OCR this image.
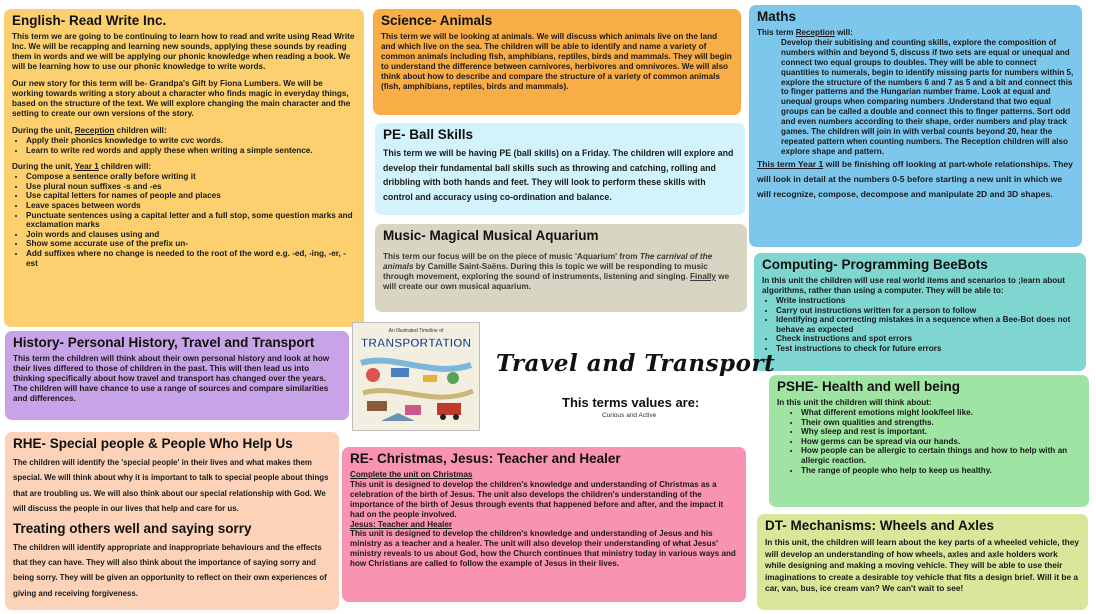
English- Read Write Inc.

This term we are going to be continuing to learn how to read and write using Read Write Inc. We will be recapping and learning new sounds, applying these sounds by reading them in words and we will be applying our phonic knowledge when reading a book. We will be learning how to use our phonic knowledge to write words.

Our new story for this term will be- Grandpa's Gift by Fiona Lumbers. We will be working towards writing a story about a character who finds magic in everyday things, based on the structure of the text. We will explore changing the main character and the setting to create our own versions of the story.

During the unit, Reception children will:

• Apply their phonics knowledge to write cvc words.
• Learn to write red words and apply these when writing a simple sentence.

During the unit, Year 1 children will:

• Compose a sentence orally before writing it
• Use plural noun suffixes -s and -es
• Use capital letters for names of people and places
• Leave spaces between words
• Punctuate sentences using a capital letter and a full stop, some question marks and exclamation marks
• Join words and clauses using and
• Show some accurate use of the prefix un-
• Add suffixes where no change is needed to the root of the word e.g. -ed, -ing, -er, -est
Science- Animals

This term we will be looking at animals. We will discuss which animals live on the land and which live on the sea. The children will be able to identify and name a variety of common animals including fish, amphibians, reptiles, birds and mammals. They will begin to understand the difference between carnivores, herbivores and omnivores. We will also think about how to describe and compare the structure of a variety of common animals (fish, amphibians, reptiles, birds and mammals).

PE- Ball Skills

This term we will be having PE (ball skills) on a Friday. The children will explore and develop their fundamental ball skills such as throwing and catching, rolling and dribbling with both hands and feet. They will look to perform these skills with control and accuracy using co-ordination and balance.

Music- Magical Musical Aquarium

This term our focus will be on the piece of music 'Aquarium' from The carnival of the animals by Camille Saint-Saëns. During this is topic we will be responding to music through movement, exploring the sound of instruments, listening and singing. Finally we will create our own musical aquarium.

Maths

This term Reception will:

Develop their subitising and counting skills, explore the composition of numbers within and beyond 5, discuss if two sets are equal or unequal and connect two equal groups to doubles. They will be able to connect quantities to numerals, begin to identify missing parts for numbers within 5, explore the structure of the numbers 6 and 7 as 5 and a bit and connect this to finger patterns and the Hungarian number frame. Look at equal and unequal groups when comparing numbers .Understand that two equal groups can be called a double and connect this to finger patterns. Sort odd and even numbers according to their shape, order numbers and play track games. The children will join in with verbal counts beyond 20, hear the repeated pattern when counting numbers. The Reception children will also explore shape and pattern.

This term Year 1 will be finishing off looking at part-whole relationships. They will look in detail at the numbers 0-5 before starting a new unit in which we will recognize, compose, decompose and manipulate 2D and 3D shapes.

Computing- Programming BeeBots

In this unit the children will use real world items and scenarios to ;learn about algorithms, rather than using a computer. They will be able to:

• Write instructions
• Carry out instructions written for a person to follow
• Identifying and correcting mistakes in a sequence when a Bee-Bot does not behave as expected
• Check instructions and spot errors
• Test instructions to check for future errors
History- Personal History, Travel and Transport

This term the children will think about their own personal history and look at how their lives differed to those of children in the past. This will then lead us into thinking specifically about how travel and transport has changed over the years. The children will have chance to use a range of sources and compare similarities and differences.

RHE- Special people & People Who Help Us

The children will identify the 'special people' in their lives and what makes them special. We will think about why it is important to talk to special people about things that are troubling us. We will also think about our special relationship with God. We will discuss the people in our lives that help and care for us.

Treating others well and saying sorry

The children will identify appropriate and inappropriate behaviours and the effects that they can have. They will also think about the importance of saying sorry and being sorry. They will be given an opportunity to reflect on their own experiences of giving and receiving forgiveness.

PSHE- Health and well being

In this unit the children will think about:

• What different emotions might look/feel like.
• Their own qualities and strengths.
• Why sleep and rest is important.
• How germs can be spread via our hands.
• How people can be allergic to certain things and how to help with an allergic reaction.
• The range of people who help to keep us healthy.
RE- Christmas, Jesus: Teacher and Healer

Complete the unit on Christmas

This unit is designed to develop the children's knowledge and understanding of Christmas as a celebration of the birth of Jesus. The unit also develops the children's understanding of the importance of the birth of Jesus through events that happened before and after, and the impact it had on the people involved.

Jesus: Teacher and Healer

This unit is designed to develop the children's knowledge and understanding of Jesus and his ministry as a teacher and a healer. The unit will also develop their understanding of what Jesus' ministry reveals to us about God, how the Church continues that ministry today in various ways and how Christians are called to follow the example of Jesus in their lives.

DT- Mechanisms: Wheels and Axles

In this unit, the children will learn about the key parts of a wheeled vehicle, they will develop an understanding of how wheels, axles and axle holders work while designing and making a moving vehicle. They will be able to use their imaginations to create a desirable toy vehicle that fits a design brief. Will it be a car, van, bus, ice cream van? We can't wait to see!

An Illustrated Timeline of
TRANSPORTATION
Travel and Transport
This terms values are:
Curious and Active
